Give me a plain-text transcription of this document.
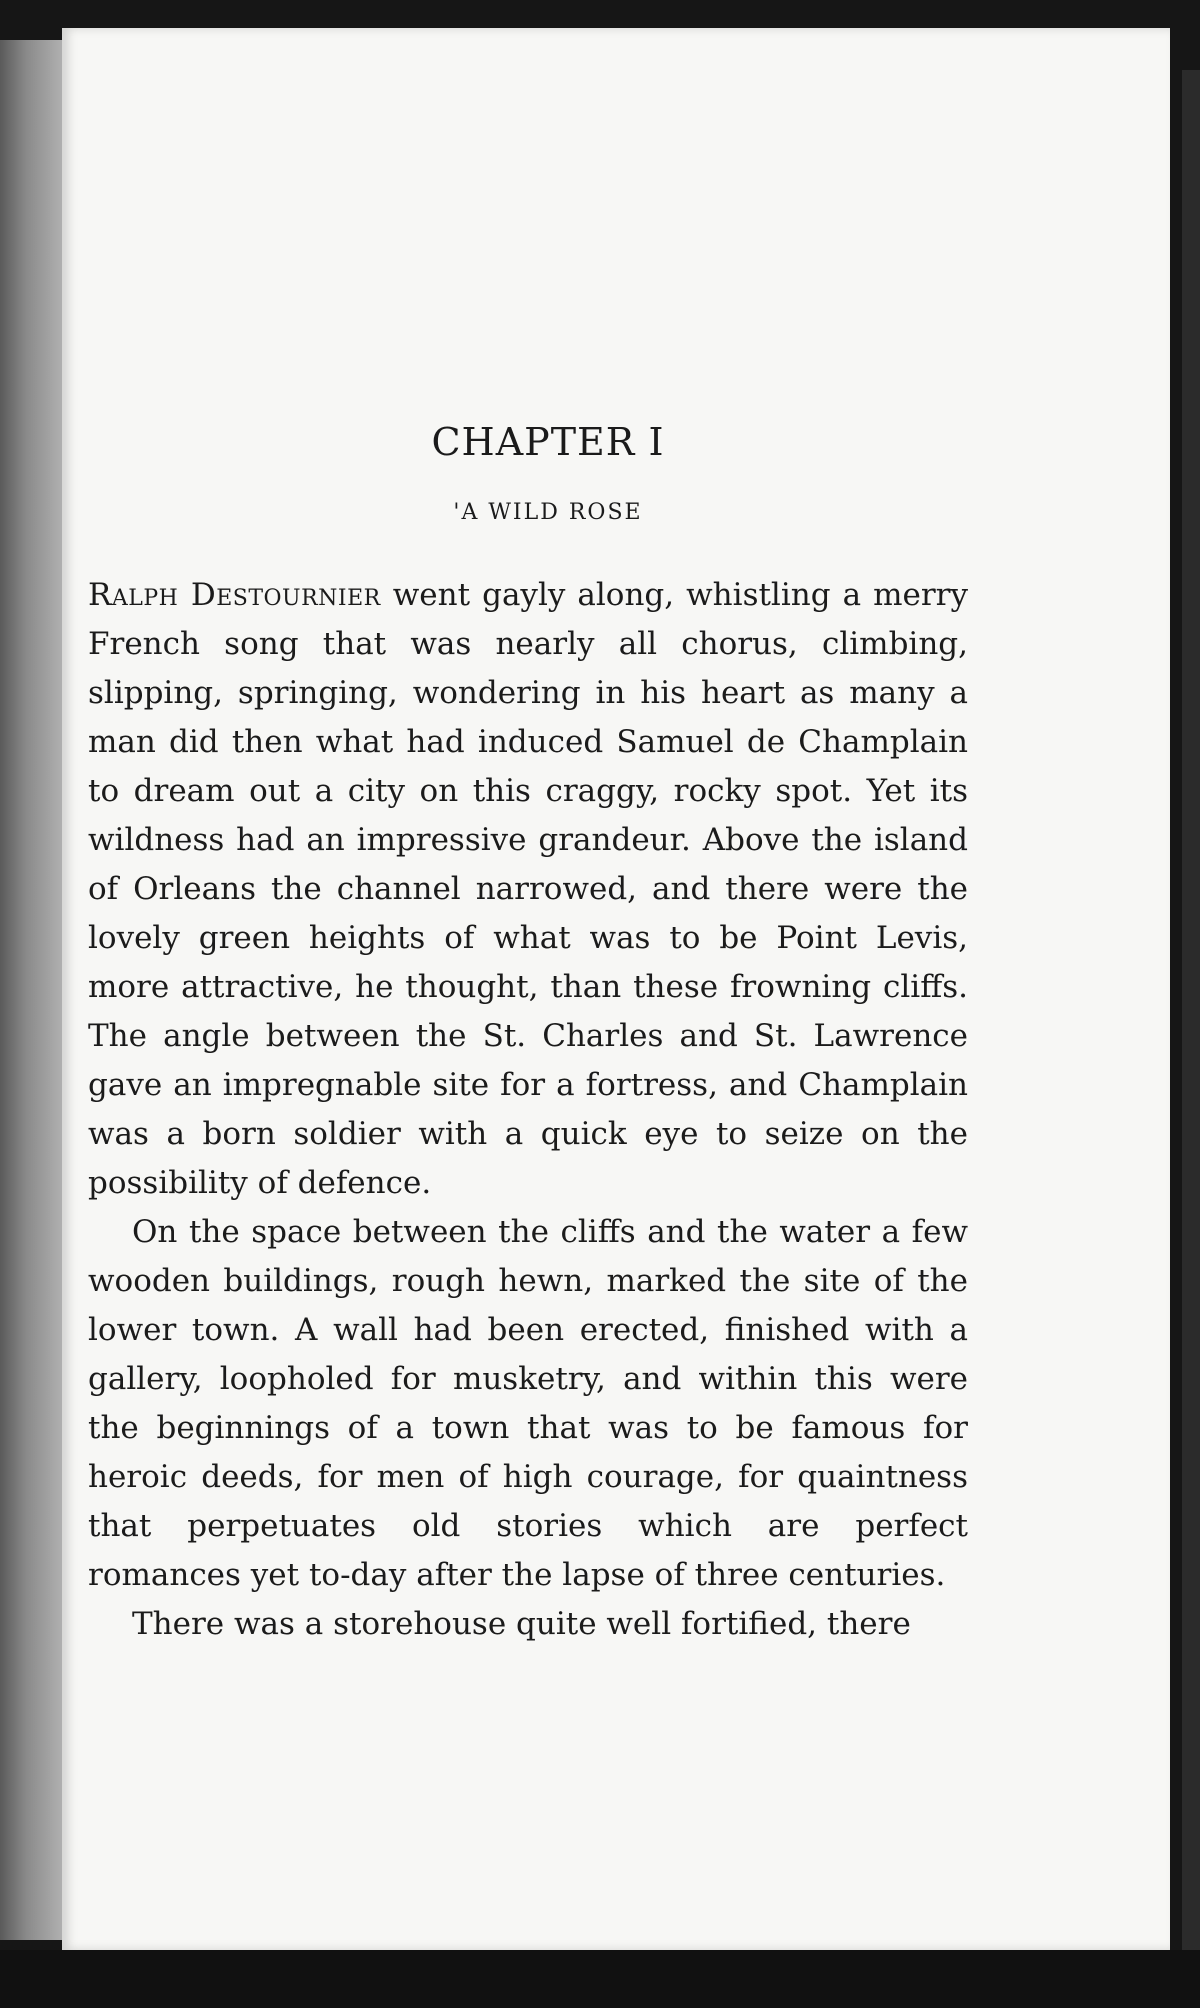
CHAPTER I
'A WILD ROSE

Ralph Destournier went gayly along, whistling a merry French song that was nearly all chorus, climbing, slipping, springing, wondering in his heart as many a man did then what had induced Samuel de Champlain to dream out a city on this craggy, rocky spot. Yet its wildness had an impressive grandeur. Above the island of Orleans the channel narrowed, and there were the lovely green heights of what was to be Point Levis, more attractive, he thought, than these frowning cliffs. The angle between the St. Charles and St. Lawrence gave an impregnable site for a fortress, and Champlain was a born soldier with a quick eye to seize on the possibility of defence.

On the space between the cliffs and the water a few wooden buildings, rough hewn, marked the site of the lower town. A wall had been erected, finished with a gallery, loopholed for musketry, and within this were the beginnings of a town that was to be famous for heroic deeds, for men of high courage, for quaintness that perpetuates old stories which are perfect romances yet to-day after the lapse of three centuries.

There was a storehouse quite well fortified, there
